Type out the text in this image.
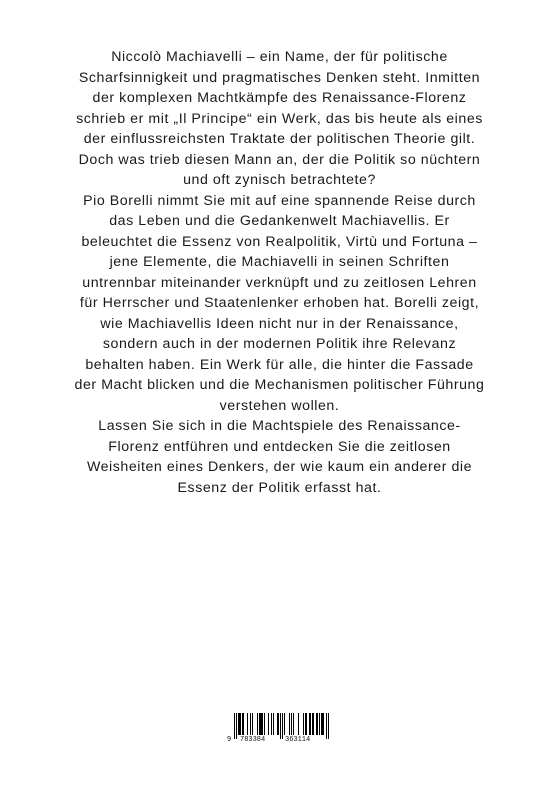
Niccolò Machiavelli – ein Name, der für politische
Scharfsinnigkeit und pragmatisches Denken steht. Inmitten
der komplexen Machtkämpfe des Renaissance-Florenz
schrieb er mit „Il Principe“ ein Werk, das bis heute als eines
der einflussreichsten Traktate der politischen Theorie gilt.
Doch was trieb diesen Mann an, der die Politik so nüchtern
und oft zynisch betrachtete?

Pio Borelli nimmt Sie mit auf eine spannende Reise durch
das Leben und die Gedankenwelt Machiavellis. Er
beleuchtet die Essenz von Realpolitik, Virtù und Fortuna –
jene Elemente, die Machiavelli in seinen Schriften
untrennbar miteinander verknüpft und zu zeitlosen Lehren
für Herrscher und Staatenlenker erhoben hat. Borelli zeigt,
wie Machiavellis Ideen nicht nur in der Renaissance,
sondern auch in der modernen Politik ihre Relevanz
behalten haben. Ein Werk für alle, die hinter die Fassade
der Macht blicken und die Mechanismen politischer Führung
verstehen wollen.

Lassen Sie sich in die Machtspiele des Renaissance-
Florenz entführen und entdecken Sie die zeitlosen
Weisheiten eines Denkers, der wie kaum ein anderer die
Essenz der Politik erfasst hat.

9 783384	363114
